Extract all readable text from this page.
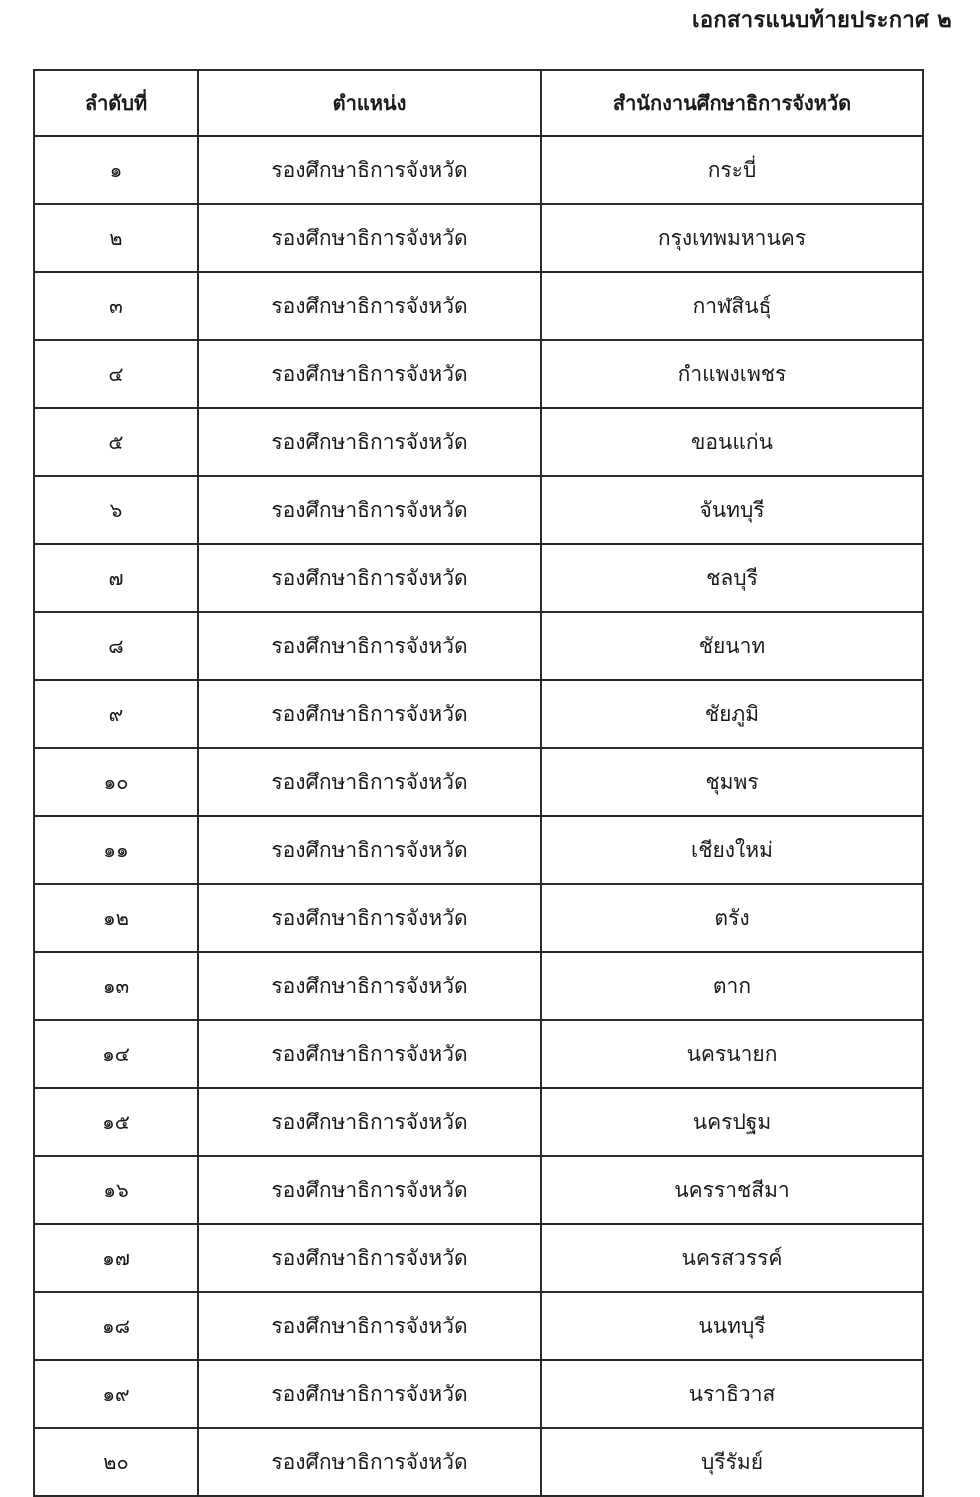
เอกสารแนบท้ายประกาศ ๒
ลำดับที่	ตำแหน่ง	สำนักงานศึกษาธิการจังหวัด
๑	รองศึกษาธิการจังหวัด	กระบี่
๒	รองศึกษาธิการจังหวัด	กรุงเทพมหานคร
๓	รองศึกษาธิการจังหวัด	กาฬสินธุ์
๔	รองศึกษาธิการจังหวัด	กำแพงเพชร
๕	รองศึกษาธิการจังหวัด	ขอนแก่น
๖	รองศึกษาธิการจังหวัด	จันทบุรี
๗	รองศึกษาธิการจังหวัด	ชลบุรี
๘	รองศึกษาธิการจังหวัด	ชัยนาท
๙	รองศึกษาธิการจังหวัด	ชัยภูมิ
๑๐	รองศึกษาธิการจังหวัด	ชุมพร
๑๑	รองศึกษาธิการจังหวัด	เชียงใหม่
๑๒	รองศึกษาธิการจังหวัด	ตรัง
๑๓	รองศึกษาธิการจังหวัด	ตาก
๑๔	รองศึกษาธิการจังหวัด	นครนายก
๑๕	รองศึกษาธิการจังหวัด	นครปฐม
๑๖	รองศึกษาธิการจังหวัด	นครราชสีมา
๑๗	รองศึกษาธิการจังหวัด	นครสวรรค์
๑๘	รองศึกษาธิการจังหวัด	นนทบุรี
๑๙	รองศึกษาธิการจังหวัด	นราธิวาส
๒๐	รองศึกษาธิการจังหวัด	บุรีรัมย์
